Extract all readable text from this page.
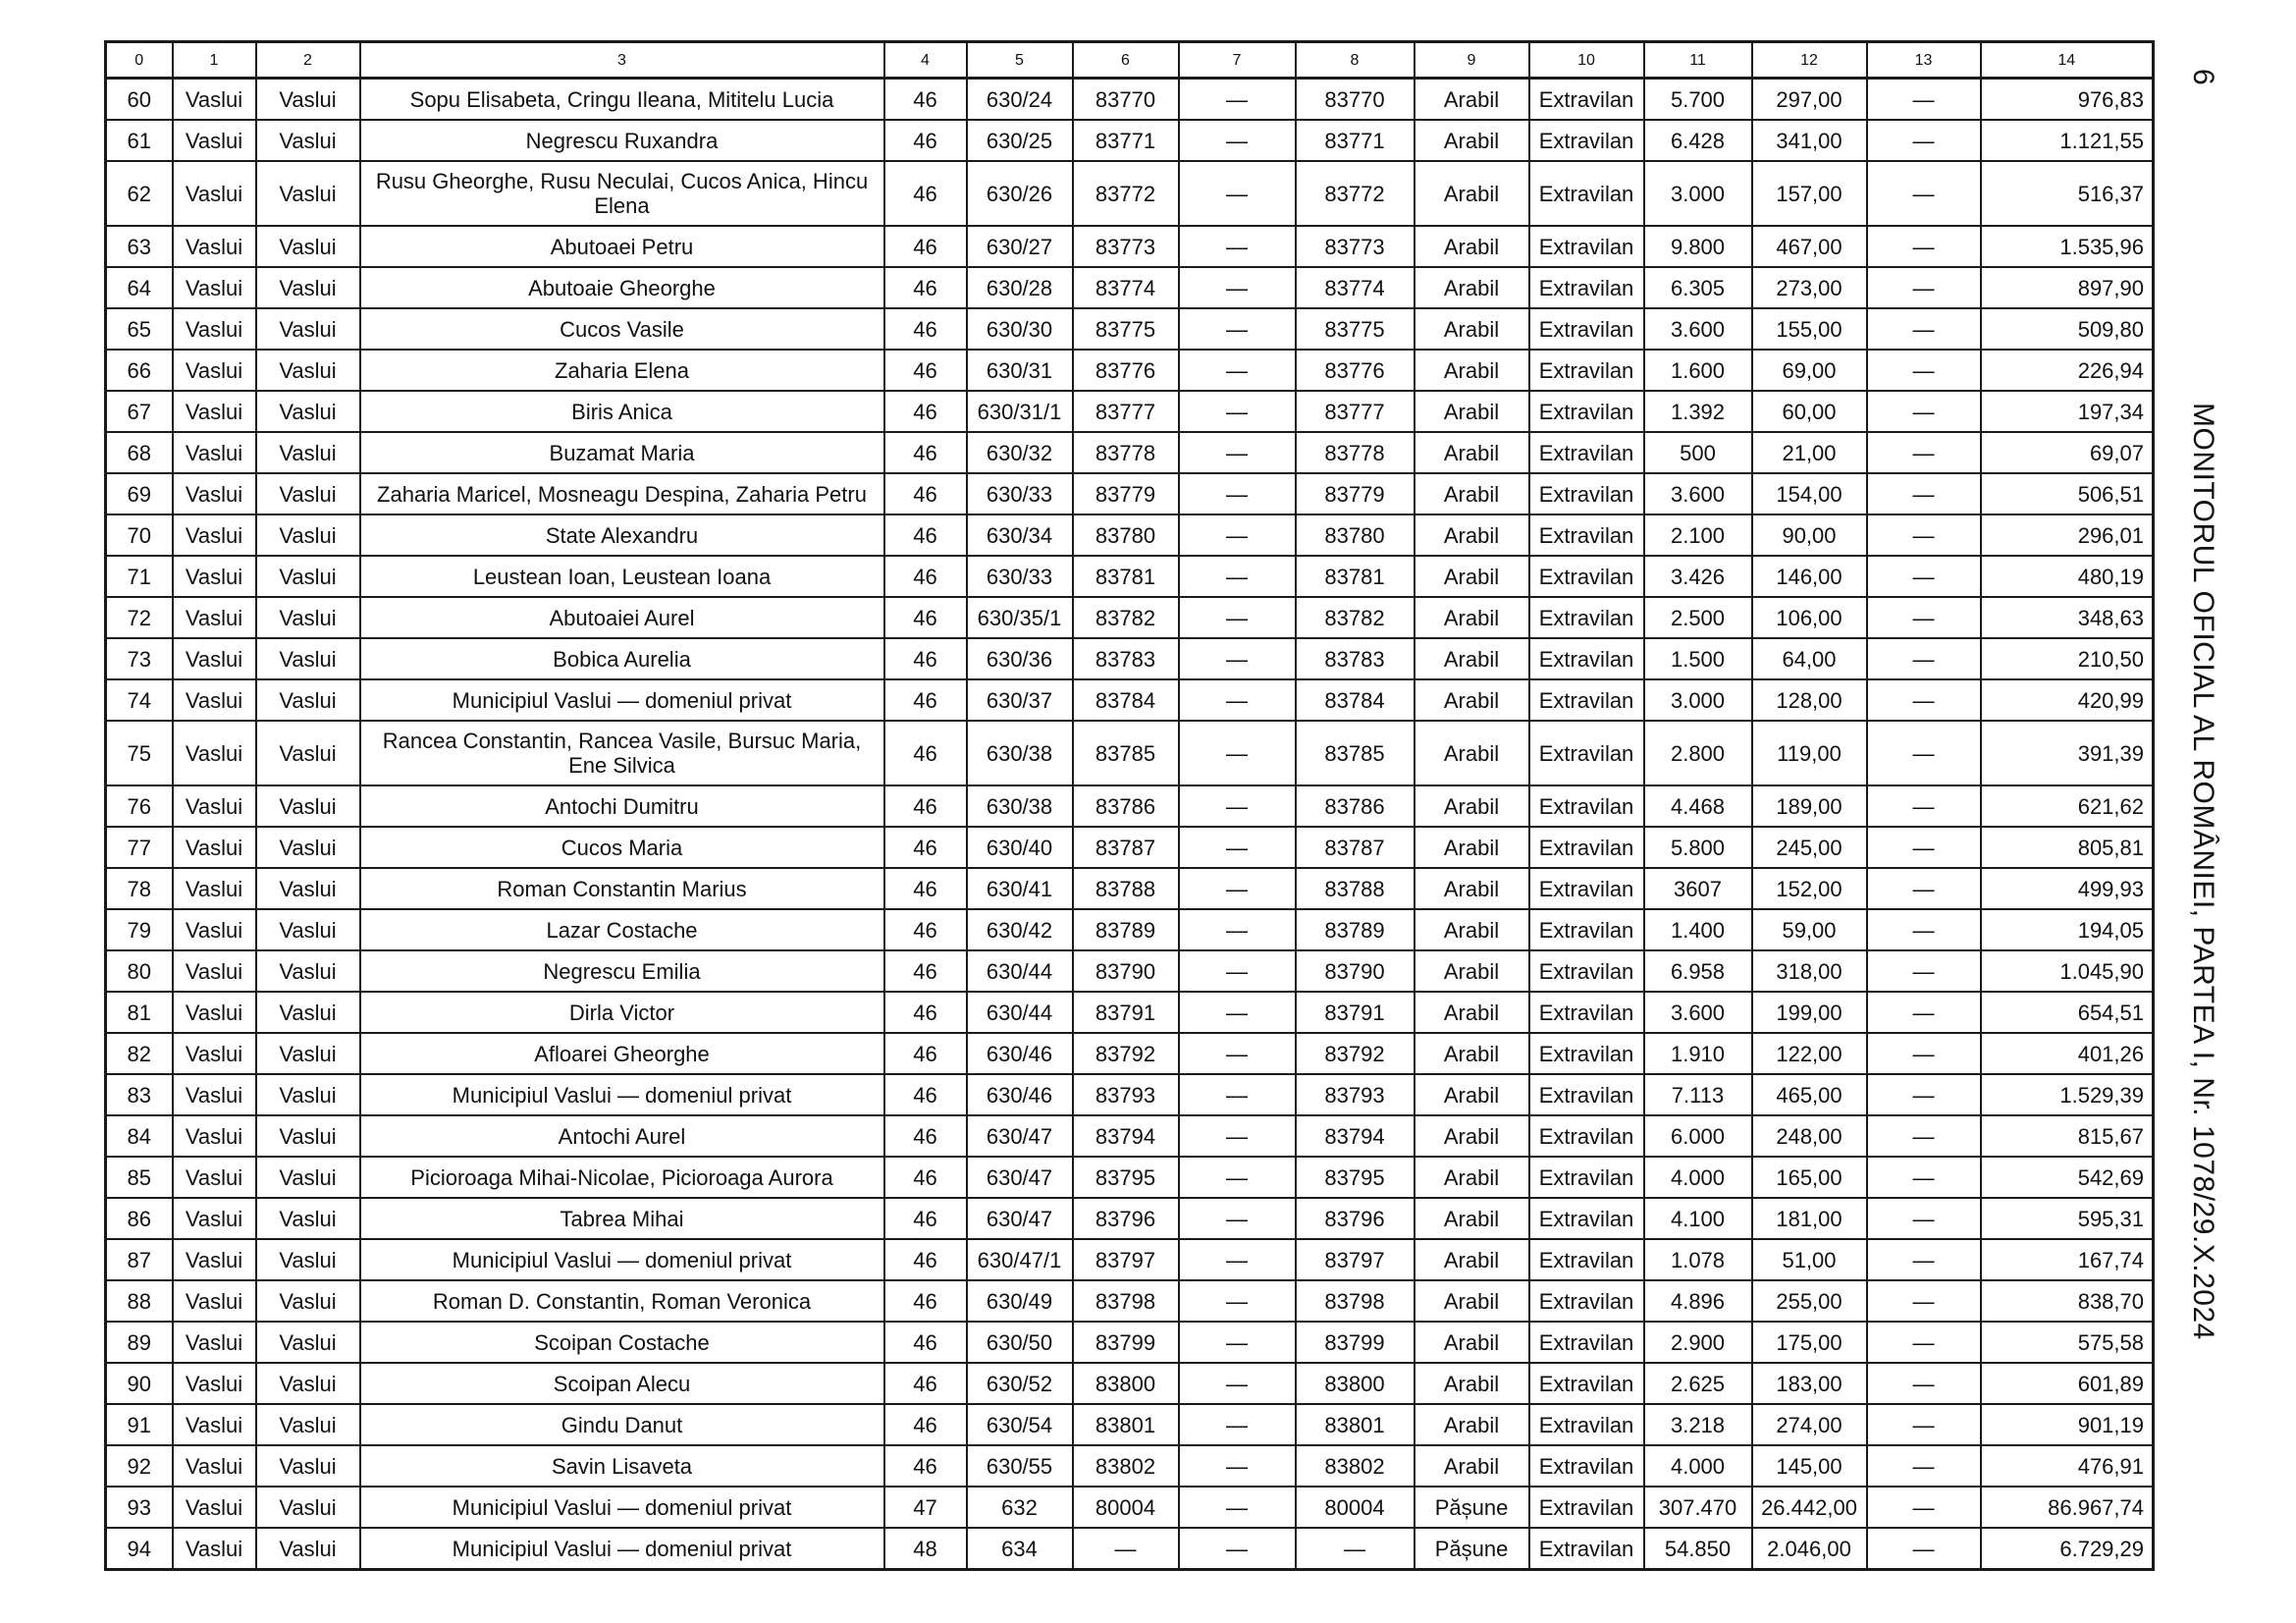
0	1	2	3	4	5	6	7	8	9	10	11	12	13	14
60	Vaslui	Vaslui	Sopu Elisabeta, Cringu Ileana, Mititelu Lucia	46	630/24	83770	—	83770	Arabil	Extravilan	5.700	297,00	—	976,83
61	Vaslui	Vaslui	Negrescu Ruxandra	46	630/25	83771	—	83771	Arabil	Extravilan	6.428	341,00	—	1.121,55
62	Vaslui	Vaslui	Rusu Gheorghe, Rusu Neculai, Cucos Anica, Hincu Elena	46	630/26	83772	—	83772	Arabil	Extravilan	3.000	157,00	—	516,37
63	Vaslui	Vaslui	Abutoaei Petru	46	630/27	83773	—	83773	Arabil	Extravilan	9.800	467,00	—	1.535,96
64	Vaslui	Vaslui	Abutoaie Gheorghe	46	630/28	83774	—	83774	Arabil	Extravilan	6.305	273,00	—	897,90
65	Vaslui	Vaslui	Cucos Vasile	46	630/30	83775	—	83775	Arabil	Extravilan	3.600	155,00	—	509,80
66	Vaslui	Vaslui	Zaharia Elena	46	630/31	83776	—	83776	Arabil	Extravilan	1.600	69,00	—	226,94
67	Vaslui	Vaslui	Biris Anica	46	630/31/1	83777	—	83777	Arabil	Extravilan	1.392	60,00	—	197,34
68	Vaslui	Vaslui	Buzamat Maria	46	630/32	83778	—	83778	Arabil	Extravilan	500	21,00	—	69,07
69	Vaslui	Vaslui	Zaharia Maricel, Mosneagu Despina, Zaharia Petru	46	630/33	83779	—	83779	Arabil	Extravilan	3.600	154,00	—	506,51
70	Vaslui	Vaslui	State Alexandru	46	630/34	83780	—	83780	Arabil	Extravilan	2.100	90,00	—	296,01
71	Vaslui	Vaslui	Leustean Ioan, Leustean Ioana	46	630/33	83781	—	83781	Arabil	Extravilan	3.426	146,00	—	480,19
72	Vaslui	Vaslui	Abutoaiei Aurel	46	630/35/1	83782	—	83782	Arabil	Extravilan	2.500	106,00	—	348,63
73	Vaslui	Vaslui	Bobica Aurelia	46	630/36	83783	—	83783	Arabil	Extravilan	1.500	64,00	—	210,50
74	Vaslui	Vaslui	Municipiul Vaslui — domeniul privat	46	630/37	83784	—	83784	Arabil	Extravilan	3.000	128,00	—	420,99
75	Vaslui	Vaslui	Rancea Constantin, Rancea Vasile, Bursuc Maria, Ene Silvica	46	630/38	83785	—	83785	Arabil	Extravilan	2.800	119,00	—	391,39
76	Vaslui	Vaslui	Antochi Dumitru	46	630/38	83786	—	83786	Arabil	Extravilan	4.468	189,00	—	621,62
77	Vaslui	Vaslui	Cucos Maria	46	630/40	83787	—	83787	Arabil	Extravilan	5.800	245,00	—	805,81
78	Vaslui	Vaslui	Roman Constantin Marius	46	630/41	83788	—	83788	Arabil	Extravilan	3607	152,00	—	499,93
79	Vaslui	Vaslui	Lazar Costache	46	630/42	83789	—	83789	Arabil	Extravilan	1.400	59,00	—	194,05
80	Vaslui	Vaslui	Negrescu Emilia	46	630/44	83790	—	83790	Arabil	Extravilan	6.958	318,00	—	1.045,90
81	Vaslui	Vaslui	Dirla Victor	46	630/44	83791	—	83791	Arabil	Extravilan	3.600	199,00	—	654,51
82	Vaslui	Vaslui	Afloarei Gheorghe	46	630/46	83792	—	83792	Arabil	Extravilan	1.910	122,00	—	401,26
83	Vaslui	Vaslui	Municipiul Vaslui — domeniul privat	46	630/46	83793	—	83793	Arabil	Extravilan	7.113	465,00	—	1.529,39
84	Vaslui	Vaslui	Antochi Aurel	46	630/47	83794	—	83794	Arabil	Extravilan	6.000	248,00	—	815,67
85	Vaslui	Vaslui	Picioroaga Mihai-Nicolae, Picioroaga Aurora	46	630/47	83795	—	83795	Arabil	Extravilan	4.000	165,00	—	542,69
86	Vaslui	Vaslui	Tabrea Mihai	46	630/47	83796	—	83796	Arabil	Extravilan	4.100	181,00	—	595,31
87	Vaslui	Vaslui	Municipiul Vaslui — domeniul privat	46	630/47/1	83797	—	83797	Arabil	Extravilan	1.078	51,00	—	167,74
88	Vaslui	Vaslui	Roman D. Constantin, Roman Veronica	46	630/49	83798	—	83798	Arabil	Extravilan	4.896	255,00	—	838,70
89	Vaslui	Vaslui	Scoipan Costache	46	630/50	83799	—	83799	Arabil	Extravilan	2.900	175,00	—	575,58
90	Vaslui	Vaslui	Scoipan Alecu	46	630/52	83800	—	83800	Arabil	Extravilan	2.625	183,00	—	601,89
91	Vaslui	Vaslui	Gindu Danut	46	630/54	83801	—	83801	Arabil	Extravilan	3.218	274,00	—	901,19
92	Vaslui	Vaslui	Savin Lisaveta	46	630/55	83802	—	83802	Arabil	Extravilan	4.000	145,00	—	476,91
93	Vaslui	Vaslui	Municipiul Vaslui — domeniul privat	47	632	80004	—	80004	Pășune	Extravilan	307.470	26.442,00	—	86.967,74
94	Vaslui	Vaslui	Municipiul Vaslui — domeniul privat	48	634	—	—	—	Pășune	Extravilan	54.850	2.046,00	—	6.729,29
6
MONITORUL OFICIAL AL ROMÂNIEI, PARTEA I, Nr. 1078/29.X.2024
